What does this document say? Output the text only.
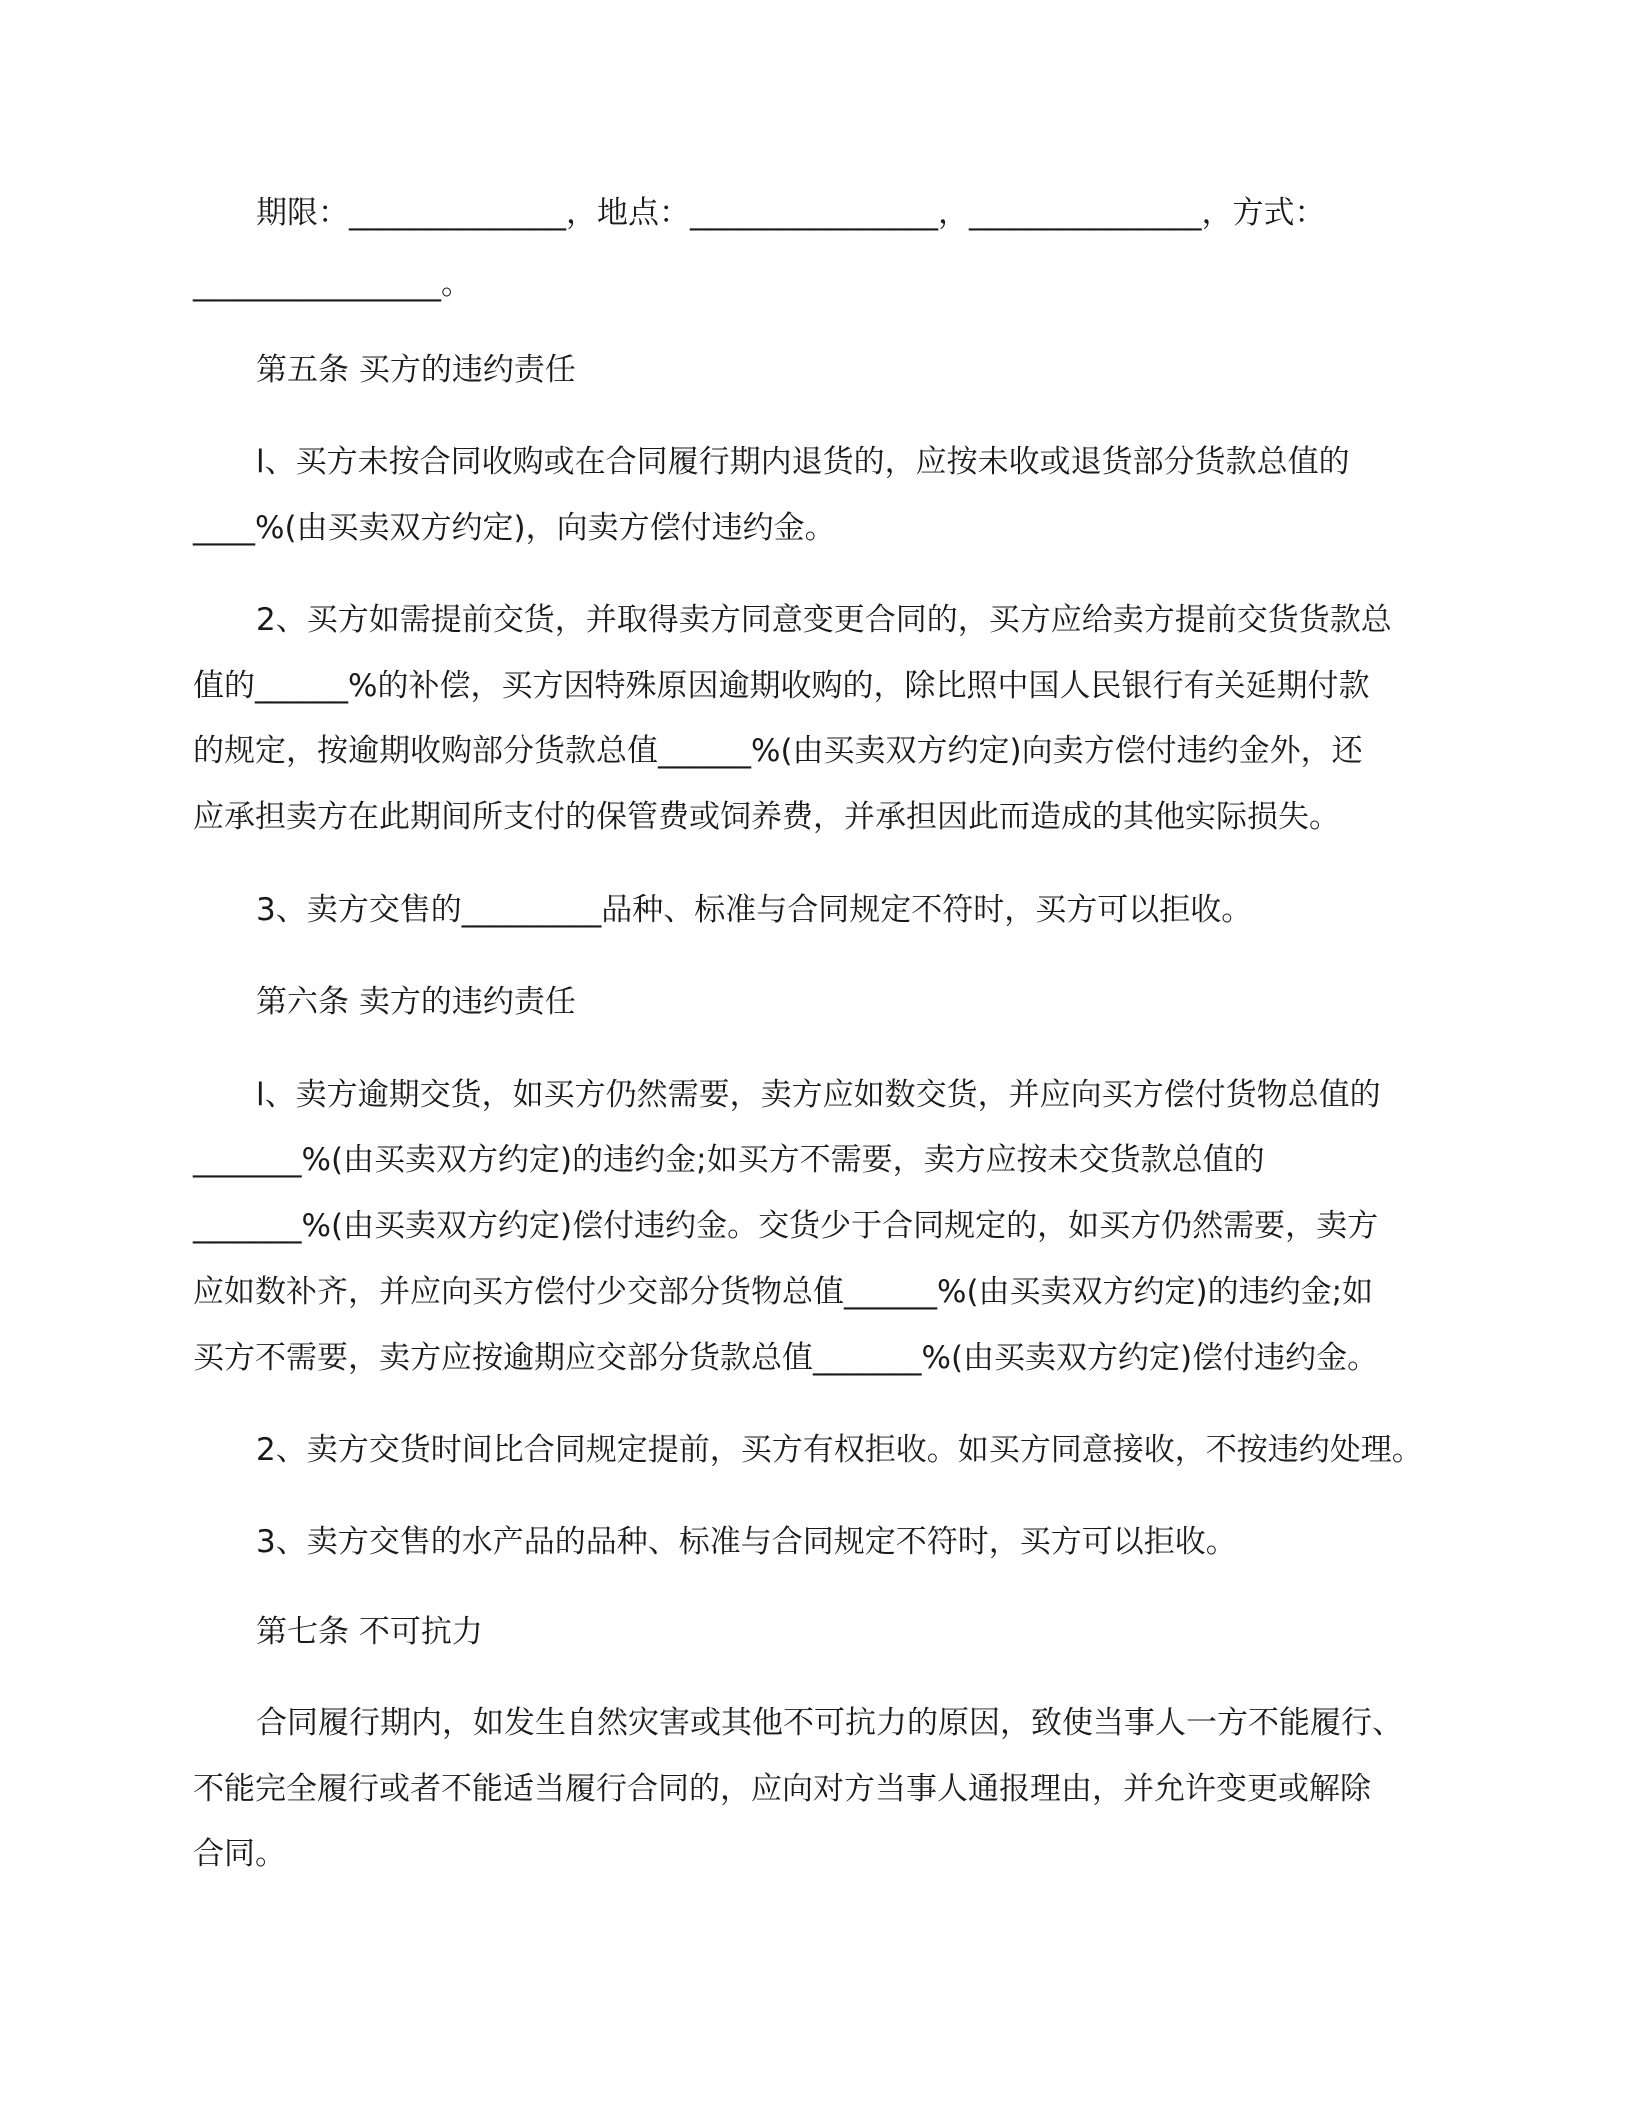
期限：______________，地点：________________，_______________，方式：
________________。
第五条 买方的违约责任
l、买方未按合同收购或在合同履行期内退货的，应按未收或退货部分货款总值的
____%(由买卖双方约定)，向卖方偿付违约金。
2、买方如需提前交货，并取得卖方同意变更合同的，买方应给卖方提前交货货款总
值的______%的补偿，买方因特殊原因逾期收购的，除比照中国人民银行有关延期付款
的规定，按逾期收购部分货款总值______%(由买卖双方约定)向卖方偿付违约金外，还
应承担卖方在此期间所支付的保管费或饲养费，并承担因此而造成的其他实际损失。
3、卖方交售的_________品种、标准与合同规定不符时，买方可以拒收。
第六条 卖方的违约责任
l、卖方逾期交货，如买方仍然需要，卖方应如数交货，并应向买方偿付货物总值的
_______%(由买卖双方约定)的违约金;如买方不需要，卖方应按未交货款总值的
_______%(由买卖双方约定)偿付违约金。交货少于合同规定的，如买方仍然需要，卖方
应如数补齐，并应向买方偿付少交部分货物总值______%(由买卖双方约定)的违约金;如
买方不需要，卖方应按逾期应交部分货款总值_______%(由买卖双方约定)偿付违约金。
2、卖方交货时间比合同规定提前，买方有权拒收。如买方同意接收，不按违约处理。
3、卖方交售的水产品的品种、标准与合同规定不符时，买方可以拒收。
第七条 不可抗力
合同履行期内，如发生自然灾害或其他不可抗力的原因，致使当事人一方不能履行、
不能完全履行或者不能适当履行合同的，应向对方当事人通报理由，并允许变更或解除
合同。
